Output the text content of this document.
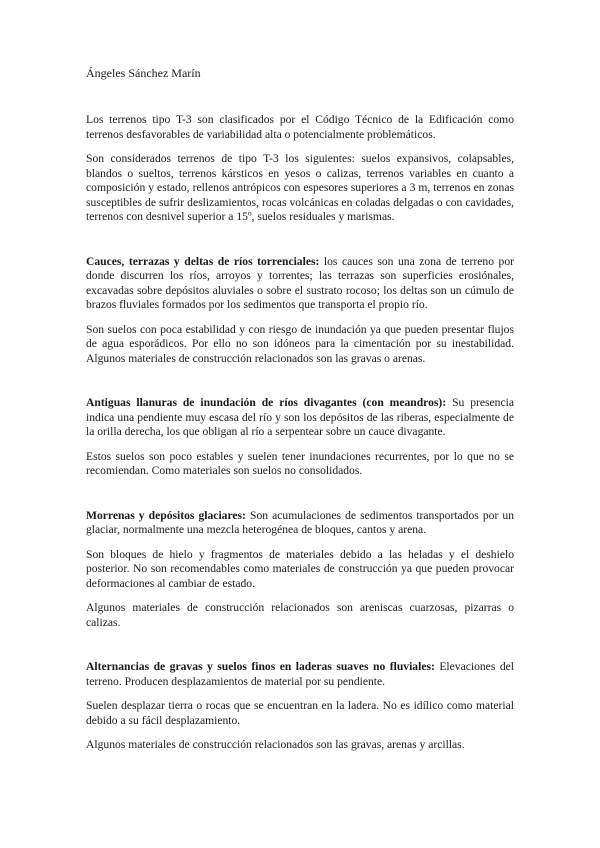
Ángeles Sánchez Marín

Los terrenos tipo T-3 son clasificados por el Código Técnico de la Edificación como terrenos desfavorables de variabilidad alta o potencialmente problemáticos.

Son considerados terrenos de tipo T-3 los siguientes: suelos expansivos, colapsables, blandos o sueltos, terrenos kársticos en yesos o calizas, terrenos variables en cuanto a composición y estado, rellenos antrópicos con espesores superiores a 3 m, terrenos en zonas susceptibles de sufrir deslizamientos, rocas volcánicas en coladas delgadas o con cavidades, terrenos con desnivel superior a 15º, suelos residuales y marismas.

Cauces, terrazas y deltas de ríos torrenciales: los cauces son una zona de terreno por donde discurren los ríos, arroyos y torrentes; las terrazas son superficies erosiónales, excavadas sobre depósitos aluviales o sobre el sustrato rocoso; los deltas son un cúmulo de brazos fluviales formados por los sedimentos que transporta el propio río.

Son suelos con poca estabilidad y con riesgo de inundación ya que pueden presentar flujos de agua esporádicos. Por ello no son idóneos para la cimentación por su inestabilidad. Algunos materiales de construcción relacionados son las gravas o arenas.

Antiguas llanuras de inundación de ríos divagantes (con meandros): Su presencia indica una pendiente muy escasa del río y son los depósitos de las riberas, especialmente de la orilla derecha, los que obligan al río a serpentear sobre un cauce divagante.

Estos suelos son poco estables y suelen tener inundaciones recurrentes, por lo que no se recomiendan. Como materiales son suelos no consolidados.

Morrenas y depósitos glaciares: Son acumulaciones de sedimentos transportados por un glaciar, normalmente una mezcla heterogénea de bloques, cantos y arena.

Son bloques de hielo y fragmentos de materiales debido a las heladas y el deshielo posterior. No son recomendables como materiales de construcción ya que pueden provocar deformaciones al cambiar de estado.

Algunos materiales de construcción relacionados son areniscas cuarzosas, pizarras o calizas.

Alternancias de gravas y suelos finos en laderas suaves no fluviales: Elevaciones del terreno. Producen desplazamientos de material por su pendiente.

Suelen desplazar tierra o rocas que se encuentran en la ladera. No es idílico como material debido a su fácil desplazamiento.

Algunos materiales de construcción relacionados son las gravas, arenas y arcillas.
